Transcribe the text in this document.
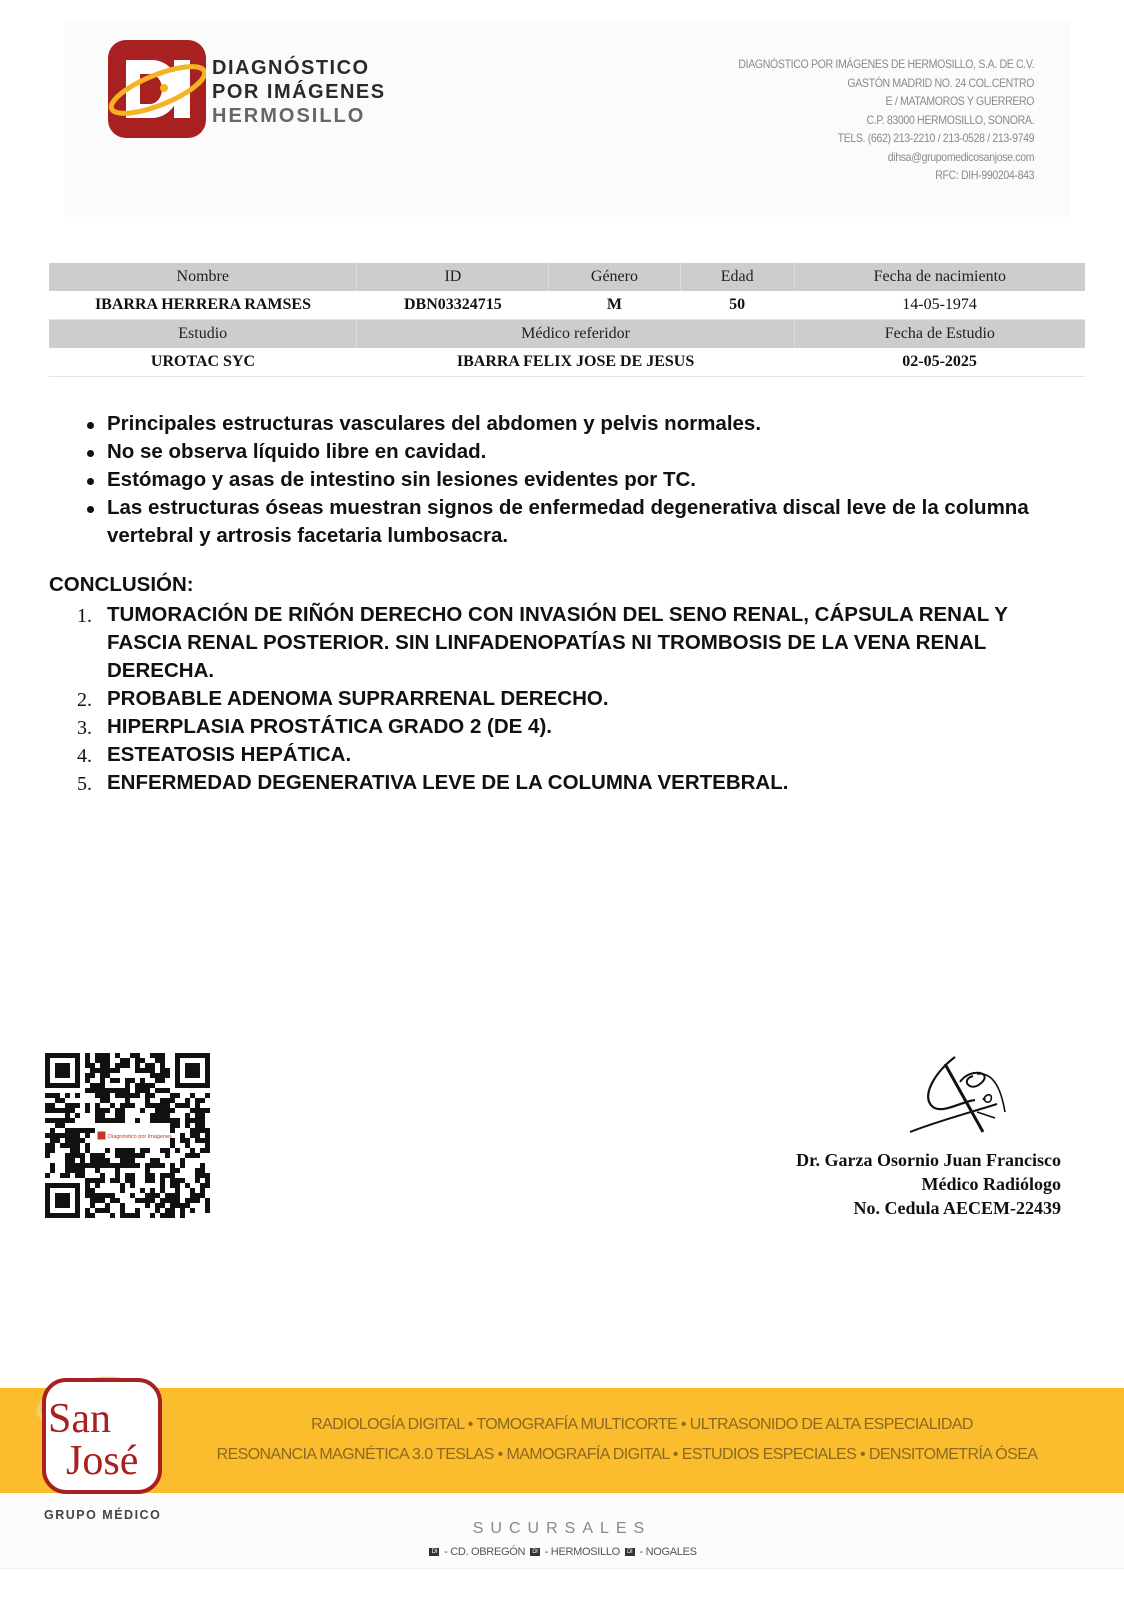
DIAGNÓSTICO
POR IMÁGENES
HERMOSILLO
DIAGNÓSTICO POR IMÁGENES DE HERMOSILLO, S.A. DE C.V.
GASTÓN MADRID NO. 24 COL.CENTRO
E / MATAMOROS Y GUERRERO
C.P. 83000 HERMOSILLO, SONORA.
TELS. (662) 213-2210 / 213-0528 / 213-9749
dihsa@grupomedicosanjose.com
RFC: DIH-990204-843
Nombre	ID	Género	Edad	Fecha de nacimiento
IBARRA HERRERA RAMSES	DBN03324715	M	50	14-05-1974
Estudio	Médico referidor			Fecha de Estudio
UROTAC SYC	IBARRA FELIX JOSE DE JESUS			02-05-2025
Principales estructuras vasculares del abdomen y pelvis normales.
No se observa líquido libre en cavidad.
Estómago y asas de intestino sin lesiones evidentes por TC.
Las estructuras óseas muestran signos de enfermedad degenerativa discal leve de la columna vertebral y artrosis facetaria lumbosacra.
CONCLUSIÓN:
1. TUMORACIÓN DE RIÑÓN DERECHO CON INVASIÓN DEL SENO RENAL, CÁPSULA RENAL Y FASCIA RENAL POSTERIOR. SIN LINFADENOPATÍAS NI TROMBOSIS DE LA VENA RENAL DERECHA.
2. PROBABLE ADENOMA SUPRARRENAL DERECHO.
3. HIPERPLASIA PROSTÁTICA GRADO 2 (DE 4).
4. ESTEATOSIS HEPÁTICA.
5. ENFERMEDAD DEGENERATIVA LEVE DE LA COLUMNA VERTEBRAL.
Diagnóstico por Imágenes
Dr. Garza Osornio Juan Francisco
Médico Radiólogo
No. Cedula AECEM-22439
San
José
GRUPO MÉDICO
RADIOLOGÍA DIGITAL • TOMOGRAFÍA MULTICORTE • ULTRASONIDO DE ALTA ESPECIALIDAD
RESONANCIA MAGNÉTICA 3.0 TESLAS • MAMOGRAFÍA DIGITAL • ESTUDIOS ESPECIALES • DENSITOMETRÍA ÓSEA
SUCURSALES
DI - CD. OBREGÓN DI - HERMOSILLO DI - NOGALES
